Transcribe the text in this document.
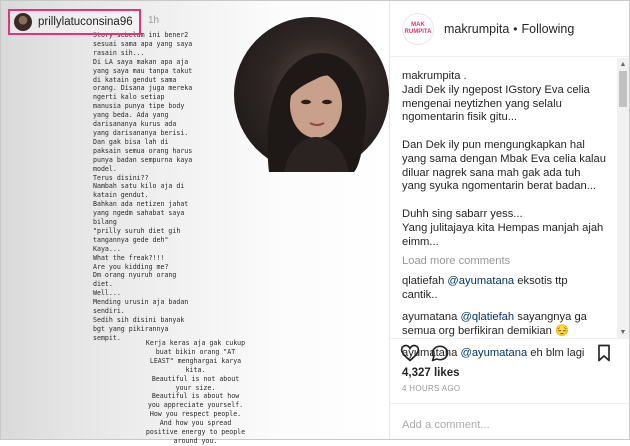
Story sebelum ini bener2
sesuai sama apa yang saya
rasain sih...
Di LA saya makan apa aja
yang saya mau tanpa takut
di katain gendut sama
orang. Disana juga mereka
ngerti kalo setiap
manusia punya tipe body
yang beda. Ada yang
darisananya kurus ada
yang darisananya berisi.
Dan gak bisa lah di
paksain semua orang harus
punya badan sempurna kaya
model.
Terus disini??
Nambah satu kilo aja di
katain gendut.
Bahkan ada netizen jahat
yang ngedm sahabat saya
bilang
"prilly suruh diet gih
tangannya gede deh"
Kaya...
What the freak?!!!
Are you kidding me?
Dm orang nyuruh orang
diet.
Well...
Mending urusin aja badan
sendiri.
Sedih sih disini banyak
bgt yang pikirannya
sempit.
Kerja keras aja gak cukup
buat bikin orang "AT
LEAST" menghargai karya
kita.
Beautiful is not about
your size.
Beautiful is about how
you appreciate yourself.
How you respect people.
And how you spread
positive energy to people
around you.
prillylatuconsina96 1h	MAK
RUMPITA makrumpita • Following
makrumpita .
Jadi Dek ily ngepost IGstory Eva celia
mengenai neytizhen yang selalu
ngomentarin fisik gitu...
Dan Dek ily pun mengungkapkan hal
yang sama dengan Mbak Eva celia kalau
diluar nagrek sana mah gak ada tuh
yang syuka ngomentarin berat badan...
Duhh sing sabarr yess...
Yang julitajaya kita Hempas manjah ajah
eimm...
Load more comments
qlatiefah @ayumatana eksotis ttp
cantik..
ayumatana @qlatiefah sayangnya ga
semua org berfikiran demikian 😔
ayumatana @ayumatana eh blm lagi
▲
▼
4,327 likes
4 HOURS AGO
Add a comment...
